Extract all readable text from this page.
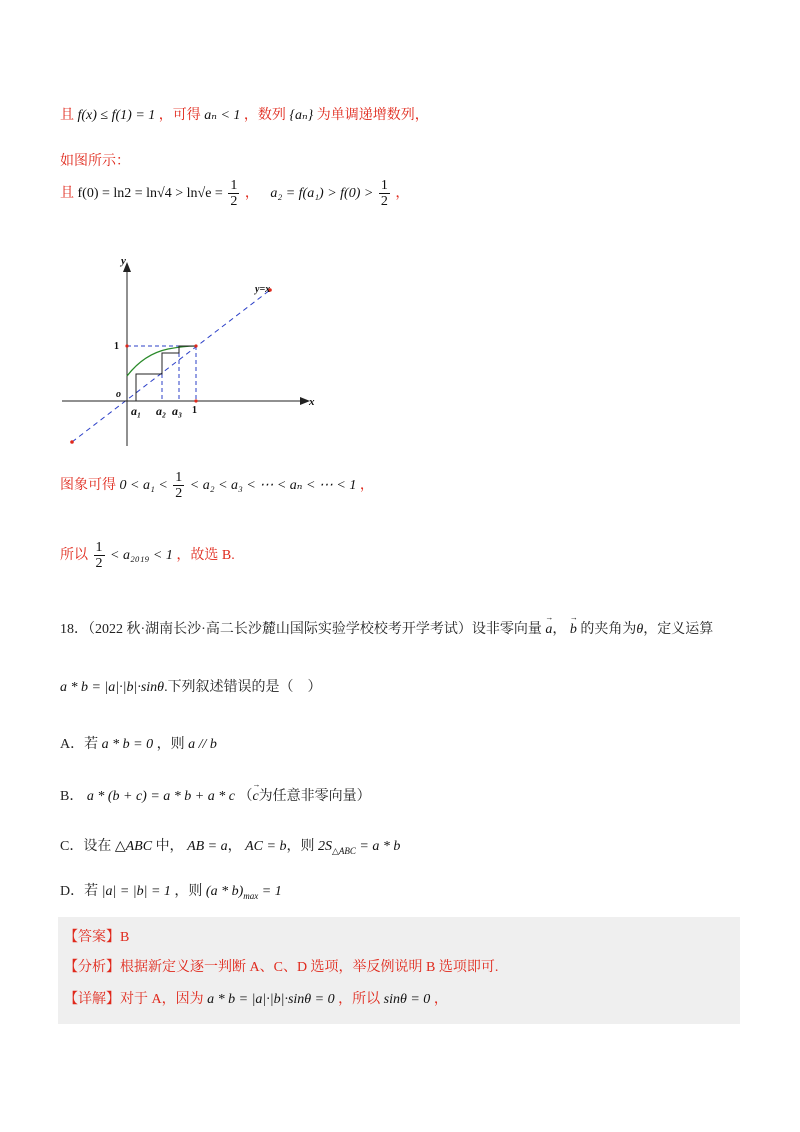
且 f(x) ≤ f(1) = 1 ，可得 aₙ < 1 ，数列 {aₙ} 为单调递增数列，
如图所示：
且 $f(0) = \ln 2 = \ln√4 > \ln√e = \frac{1}{2}$ ， $a_2 = f(a_1) > f(0) > \frac{1}{2}$ ，
y
x
y=x
1
o
a₁ a₂ a₃ 1
图象可得 $0 < a_1 < \frac{1}{2} < a_2 < a_3$ < ⋯ < aₙ < ⋯ < 1 ，
所以 $\frac{1}{2} < a_{2019} < 1$ ，故选 B.
18．（2022 秋·湖南长沙·高二长沙麓山国际实验学校校考开学考试）设非零向量 → a， → b 的夹角为θ，定义运算
a * b = |a|·|b|·sinθ.下列叙述错误的是（　）
A．若 a * b = 0 ，则 a // b
B． a * (b + c) = a * b + a * c （→ c为任意非零向量）
C．设在 △ABC 中， AB = a， AC = b，则 $2S_{\triangle ABC} = a * b$
D．若 |a| = |b| = 1 ，则 $(a * b)_{max} = 1$
【答案】B
【分析】根据新定义逐一判断 A、C、D 选项，举反例说明 B 选项即可.
【详解】对于 A，因为 a * b = |a|·|b|·sinθ = 0 ，所以 sinθ = 0 ，
